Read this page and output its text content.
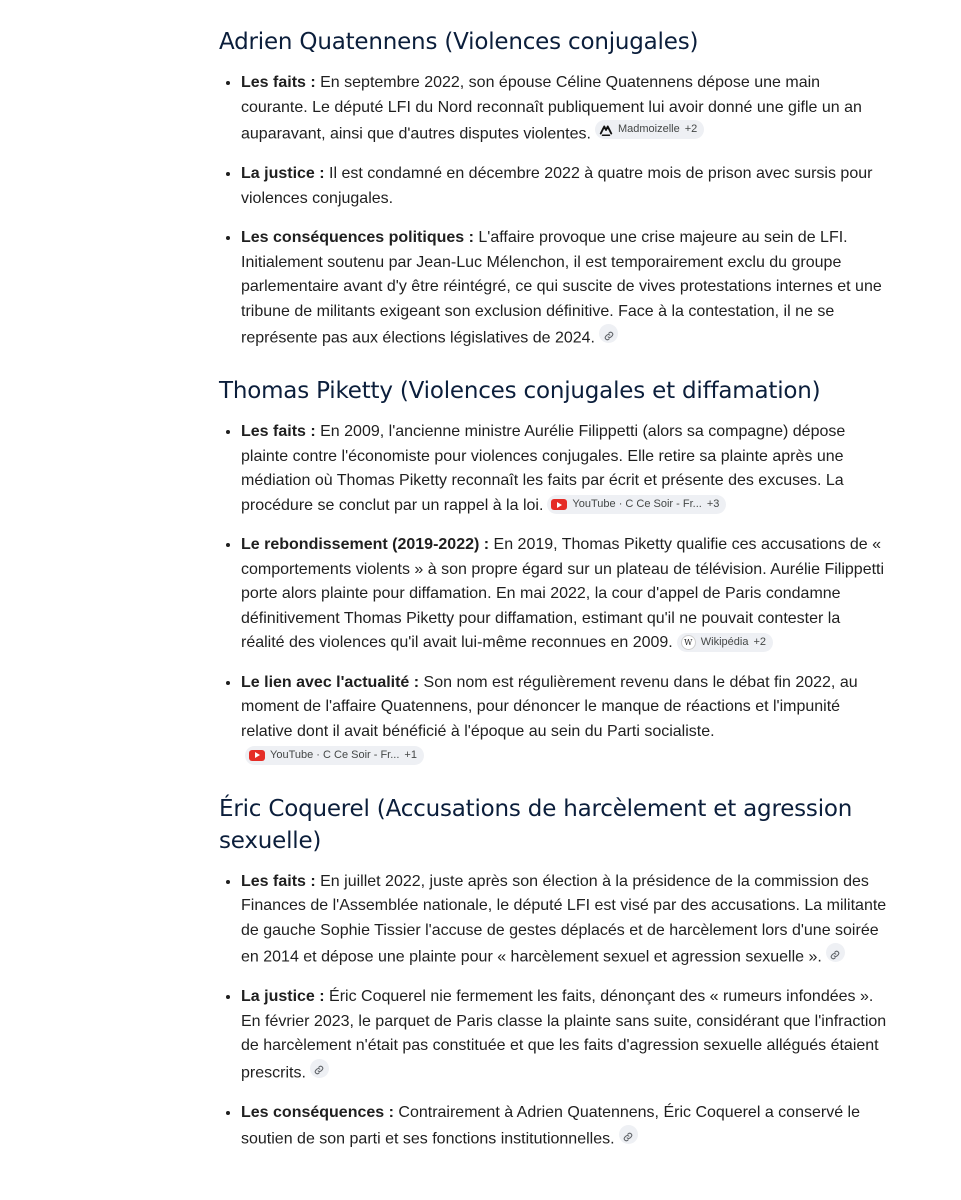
Adrien Quatennens (Violences conjugales)
• Les faits : En septembre 2022, son épouse Céline Quatennens dépose une main courante. Le député LFI du Nord reconnaît publiquement lui avoir donné une gifle un an auparavant, ainsi que d'autres disputes violentes. Madmoizelle +2
• La justice : Il est condamné en décembre 2022 à quatre mois de prison avec sursis pour violences conjugales.
• Les conséquences politiques : L'affaire provoque une crise majeure au sein de LFI. Initialement soutenu par Jean-Luc Mélenchon, il est temporairement exclu du groupe parlementaire avant d'y être réintégré, ce qui suscite de vives protestations internes et une tribune de militants exigeant son exclusion définitive. Face à la contestation, il ne se représente pas aux élections législatives de 2024.
Thomas Piketty (Violences conjugales et diffamation)
• Les faits : En 2009, l'ancienne ministre Aurélie Filippetti (alors sa compagne) dépose plainte contre l'économiste pour violences conjugales. Elle retire sa plainte après une médiation où Thomas Piketty reconnaît les faits par écrit et présente des excuses. La procédure se conclut par un rappel à la loi.	YouTube · C Ce Soir - Fr... +3
• Le rebondissement (2019-2022) : En 2019, Thomas Piketty qualifie ces accusations de « comportements violents » à son propre égard sur un plateau de télévision. Aurélie Filippetti porte alors plainte pour diffamation. En mai 2022, la cour d'appel de Paris condamne définitivement Thomas Piketty pour diffamation, estimant qu'il ne pouvait contester la réalité des violences qu'il avait lui-même reconnues en 2009.	W Wikipédia +2
• Le lien avec l'actualité : Son nom est régulièrement revenu dans le débat fin 2022, au moment de l'affaire Quatennens, pour dénoncer le manque de réactions et l'impunité relative dont il avait bénéficié à l'époque au sein du Parti socialiste.
YouTube · C Ce Soir - Fr... +1
Éric Coquerel (Accusations de harcèlement et agression sexuelle)
• Les faits : En juillet 2022, juste après son élection à la présidence de la commission des Finances de l'Assemblée nationale, le député LFI est visé par des accusations. La militante de gauche Sophie Tissier l'accuse de gestes déplacés et de harcèlement lors d'une soirée en 2014 et dépose une plainte pour « harcèlement sexuel et agression sexuelle ».
• La justice : Éric Coquerel nie fermement les faits, dénonçant des « rumeurs infondées ». En février 2023, le parquet de Paris classe la plainte sans suite, considérant que l'infraction de harcèlement n'était pas constituée et que les faits d'agression sexuelle allégués étaient prescrits.
• Les conséquences : Contrairement à Adrien Quatennens, Éric Coquerel a conservé le soutien de son parti et ses fonctions institutionnelles.
